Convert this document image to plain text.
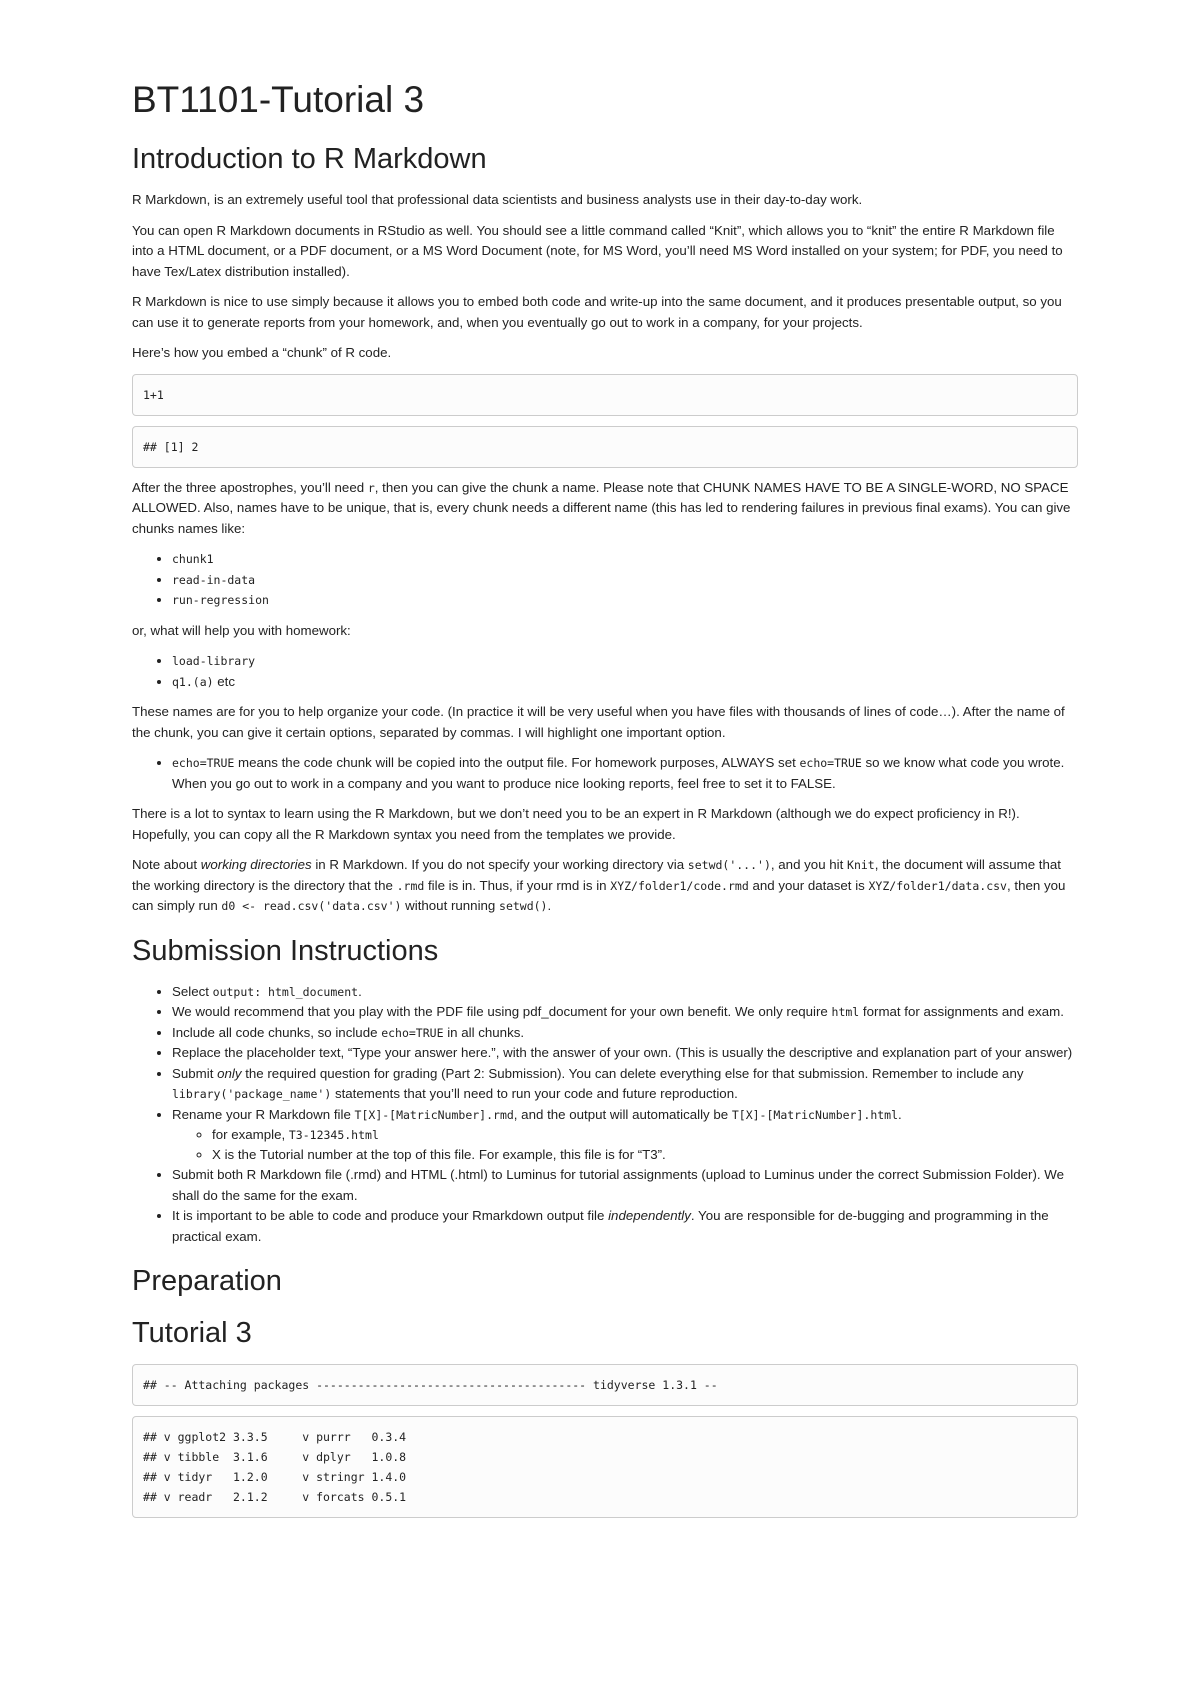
BT1101-Tutorial 3
Introduction to R Markdown

R Markdown, is an extremely useful tool that professional data scientists and business analysts use in their day-to-day work.

You can open R Markdown documents in RStudio as well. You should see a little command called “Knit”, which allows you to “knit” the entire R Markdown file into a HTML document, or a PDF document, or a MS Word Document (note, for MS Word, you’ll need MS Word installed on your system; for PDF, you need to have Tex/Latex distribution installed).

R Markdown is nice to use simply because it allows you to embed both code and write-up into the same document, and it produces presentable output, so you can use it to generate reports from your homework, and, when you eventually go out to work in a company, for your projects.

Here’s how you embed a “chunk” of R code.

1+1
## [1] 2

After the three apostrophes, you’ll need r, then you can give the chunk a name. Please note that CHUNK NAMES HAVE TO BE A SINGLE-WORD, NO SPACE ALLOWED. Also, names have to be unique, that is, every chunk needs a different name (this has led to rendering failures in previous final exams). You can give chunks names like:

• chunk1
• read-in-data
• run-regression

or, what will help you with homework:

• load-library
• q1.(a) etc

These names are for you to help organize your code. (In practice it will be very useful when you have files with thousands of lines of code…). After the name of the chunk, you can give it certain options, separated by commas. I will highlight one important option.

• echo=TRUE means the code chunk will be copied into the output file. For homework purposes, ALWAYS set echo=TRUE so we know what code you wrote. When you go out to work in a company and you want to produce nice looking reports, feel free to set it to FALSE.

There is a lot to syntax to learn using the R Markdown, but we don’t need you to be an expert in R Markdown (although we do expect proficiency in R!). Hopefully, you can copy all the R Markdown syntax you need from the templates we provide.

Note about working directories in R Markdown. If you do not specify your working directory via setwd('...'), and you hit Knit, the document will assume that the working directory is the directory that the .rmd file is in. Thus, if your rmd is in XYZ/folder1/code.rmd and your dataset is XYZ/folder1/data.csv, then you can simply run d0 <- read.csv('data.csv') without running setwd().

Submission Instructions
• Select output: html_document.
• We would recommend that you play with the PDF file using pdf_document for your own benefit. We only require html format for assignments and exam.
• Include all code chunks, so include echo=TRUE in all chunks.
• Replace the placeholder text, “Type your answer here.”, with the answer of your own. (This is usually the descriptive and explanation part of your answer)
• Submit only the required question for grading (Part 2: Submission). You can delete everything else for that submission. Remember to include any library('package_name') statements that you’ll need to run your code and future reproduction.
• Rename your R Markdown file T[X]-[MatricNumber].rmd, and the output will automatically be T[X]-[MatricNumber].html.
◦ for example, T3-12345.html
◦ X is the Tutorial number at the top of this file. For example, this file is for “T3”.
• Submit both R Markdown file (.rmd) and HTML (.html) to Luminus for tutorial assignments (upload to Luminus under the correct Submission Folder). We shall do the same for the exam.
• It is important to be able to code and produce your Rmarkdown output file independently. You are responsible for de-bugging and programming in the practical exam.
Preparation
Tutorial 3
## -- Attaching packages --------------------------------------- tidyverse 1.3.1 --
## v ggplot2 3.3.5     v purrr   0.3.4
## v tibble  3.1.6     v dplyr   1.0.8
## v tidyr   1.2.0     v stringr 1.4.0
## v readr   2.1.2     v forcats 0.5.1
